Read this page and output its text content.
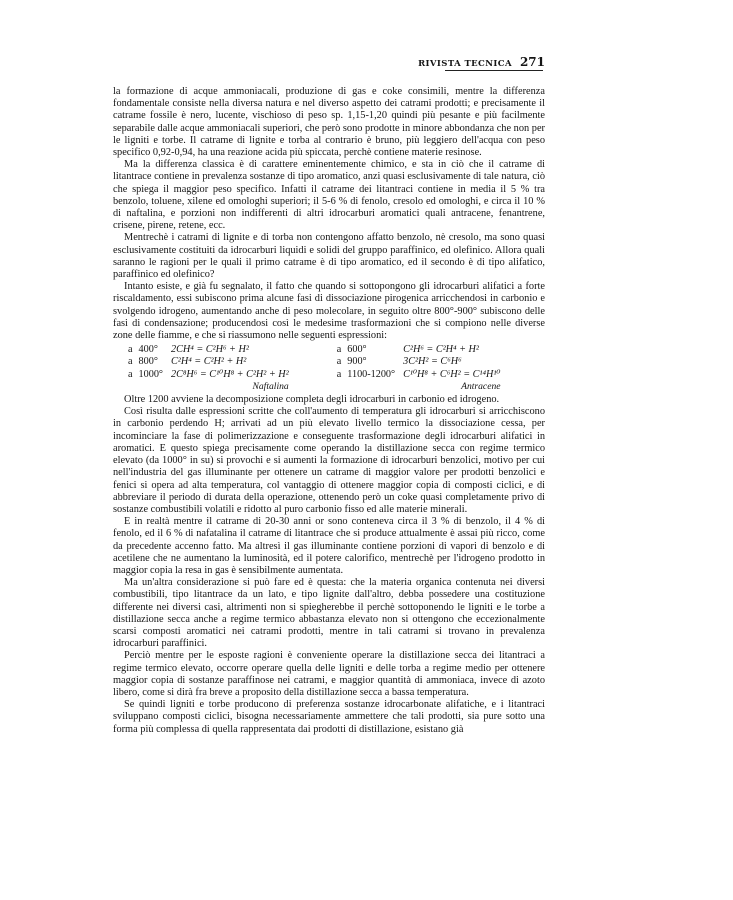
RIVISTA TECNICA 271

la formazione di acque ammoniacali, produzione di gas e coke consimili, mentre la differenza fondamentale consiste nella diversa natura e nel diverso aspetto dei catrami prodotti; e precisamente il catrame fossile è nero, lucente, vischioso di peso sp. 1,15-1,20 quindi più pesante e più facilmente separabile dalle acque ammoniacali superiori, che però sono prodotte in minore abbondanza che non per le ligniti e torbe. Il catrame di lignite e torba al contrario è bruno, più leggiero dell'acqua con peso specifico 0,92-0,94, ha una reazione acida più spiccata, perchè contiene materie resinose.

Ma la differenza classica è di carattere eminentemente chimico, e sta in ciò che il catrame di litantrace contiene in prevalenza sostanze di tipo aromatico, anzi quasi esclusivamente di tale natura, ciò che spiega il maggior peso specifico. Infatti il catrame dei litantraci contiene in media il 5 % tra benzolo, toluene, xilene ed omologhi superiori; il 5-6 % di fenolo, cresolo ed omologhi, e circa il 10 % di naftalina, e porzioni non indifferenti di altri idrocarburi aromatici quali antracene, fenantrene, crisene, pirene, retene, ecc.

Mentrechè i catrami di lignite e di torba non contengono affatto benzolo, nè cresolo, ma sono quasi esclusivamente costituiti da idrocarburi liquidi e solidi del gruppo paraffinico, ed olefinico. Allora quali saranno le ragioni per le quali il primo catrame è di tipo aromatico, ed il secondo è di tipo alifatico, paraffinico ed olefinico?

Intanto esiste, e già fu segnalato, il fatto che quando si sottopongono gli idrocarburi alifatici a forte riscaldamento, essi subiscono prima alcune fasi di dissociazione pirogenica arricchendosi in carbonio e svolgendo idrogeno, aumentando anche di peso molecolare, in seguito oltre 800°-900° subiscono delle fasi di condensazione; producendosi così le medesime trasformazioni che si compiono nelle diverse zone delle fiamme, e che si riassumono nelle seguenti espressioni:

a	400°	2CH⁴ = C²H⁶ + H²		a	600°	C²H⁶ = C²H⁴ + H²
a	800°	C²H⁴ = C²H² + H²		a	900°	3C²H² = C⁶H⁶
a	1000°	2C⁸H⁶ = C¹⁰H⁸ + C²H² + H²		a	1100-1200°	C¹⁰H⁸ + C⁶H² = C¹⁴H¹⁰
		Naftalina				Antracene

Oltre 1200 avviene la decomposizione completa degli idrocarburi in carbonio ed idrogeno.

Così risulta dalle espressioni scritte che coll'aumento di temperatura gli idrocarburi si arricchiscono in carbonio perdendo H; arrivati ad un più elevato livello termico la dissociazione cessa, per incominciare la fase di polimerizzazione e conseguente trasformazione degli idrocarburi alifatici in aromatici. E questo spiega precisamente come operando la distillazione secca con regime termico elevato (da 1000° in su) si provochi e si aumenti la formazione di idrocarburi benzolici, motivo per cui nell'industria del gas illuminante per ottenere un catrame di maggior valore per prodotti benzolici e fenici si opera ad alta temperatura, col vantaggio di ottenere maggior copia di composti ciclici, e di abbreviare il periodo di durata della operazione, ottenendo però un coke quasi completamente privo di sostanze combustibili volatili e ridotto al puro carbonio fisso ed alle materie minerali.

E in realtà mentre il catrame di 20-30 anni or sono conteneva circa il 3 % di benzolo, il 4 % di fenolo, ed il 6 % di nafatalina il catrame di litantrace che si produce attualmente è assai più ricco, come da precedente accenno fatto. Ma altresì il gas illuminante contiene porzioni di vapori di benzolo e di acetilene che ne aumentano la luminosità, ed il potere calorifico, mentrechè per l'idrogeno prodotto in maggior copia la resa in gas è sensibilmente aumentata.

Ma un'altra considerazione si può fare ed è questa: che la materia organica contenuta nei diversi combustibili, tipo litantrace da un lato, e tipo lignite dall'altro, debba possedere una costituzione differente nei diversi casi, altrimenti non si spiegherebbe il perchè sottoponendo le ligniti e le torbe a distillazione secca anche a regime termico abbastanza elevato non si ottengono che eccezionalmente scarsi composti aromatici nei catrami prodotti, mentre in tali catrami si trovano in prevalenza idrocarburi paraffinici.

Perciò mentre per le esposte ragioni è conveniente operare la distillazione secca dei litantraci a regime termico elevato, occorre operare quella delle ligniti e delle torba a regime medio per ottenere maggior copia di sostanze paraffinose nei catrami, e maggior quantità di ammoniaca, invece di azoto libero, come si dirà fra breve a proposito della distillazione secca a bassa temperatura.

Se quindi ligniti e torbe producono di preferenza sostanze idrocarbonate alifatiche, e i litantraci sviluppano composti ciclici, bisogna necessariamente ammettere che tali prodotti, sia pure sotto una forma più complessa di quella rappresentata dai prodotti di distillazione, esistano già
